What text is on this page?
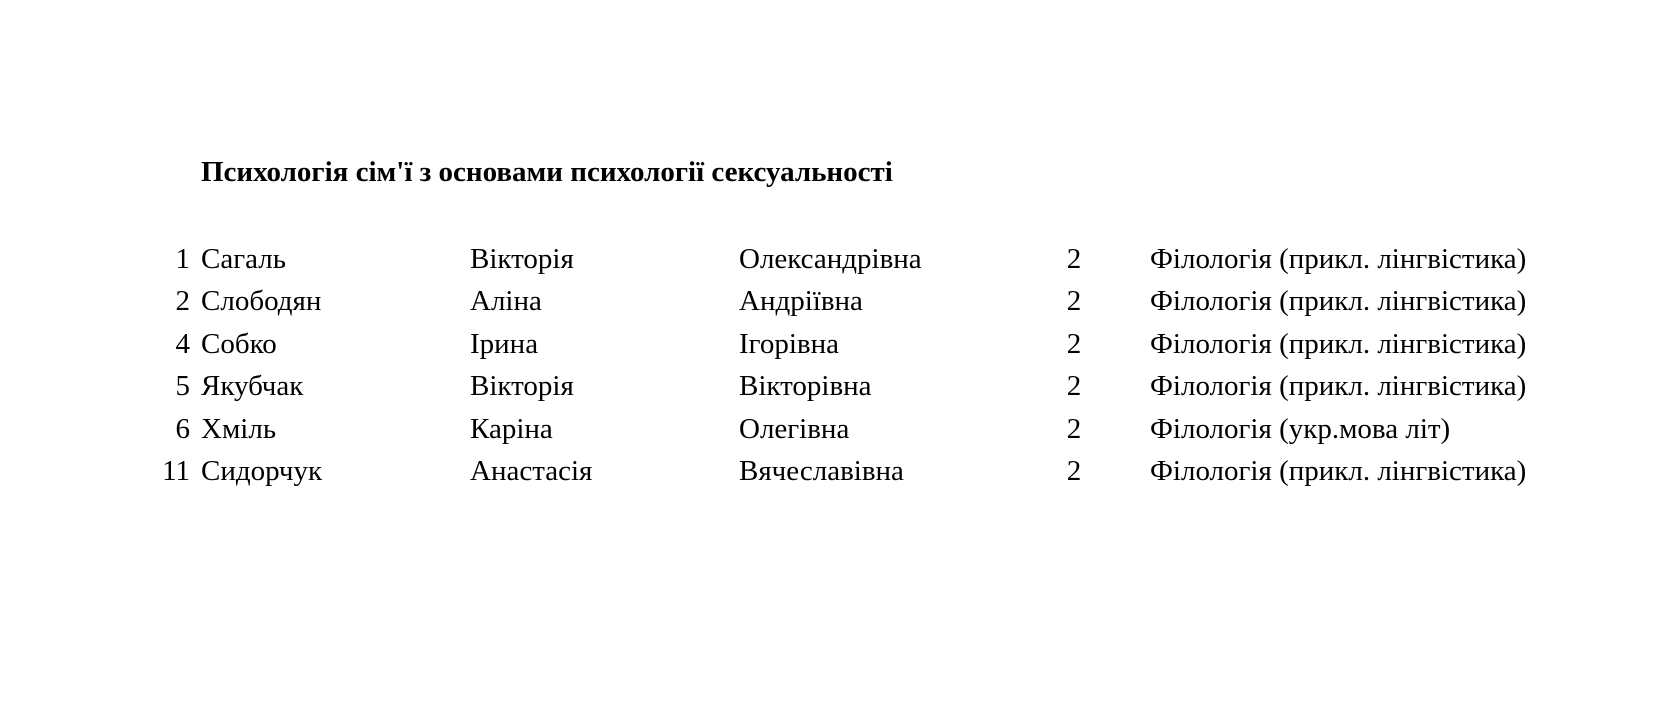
Психологія сім'ї з основами психології сексуальності
1 Сагаль	Вікторія	Олександрівна	2 Філологія (прикл. лінгвістика)
2 Слободян	Аліна	Андріївна	2 Філологія (прикл. лінгвістика)
4 Собко	Ірина	Ігорівна	2 Філологія (прикл. лінгвістика)
5 Якубчак	Вікторія	Вікторівна	2 Філологія (прикл. лінгвістика)
6 Хміль	Каріна	Олегівна	2 Філологія (укр.мова літ)
11 Сидорчук	Анастасія	Вячеславівна	2 Філологія (прикл. лінгвістика)
